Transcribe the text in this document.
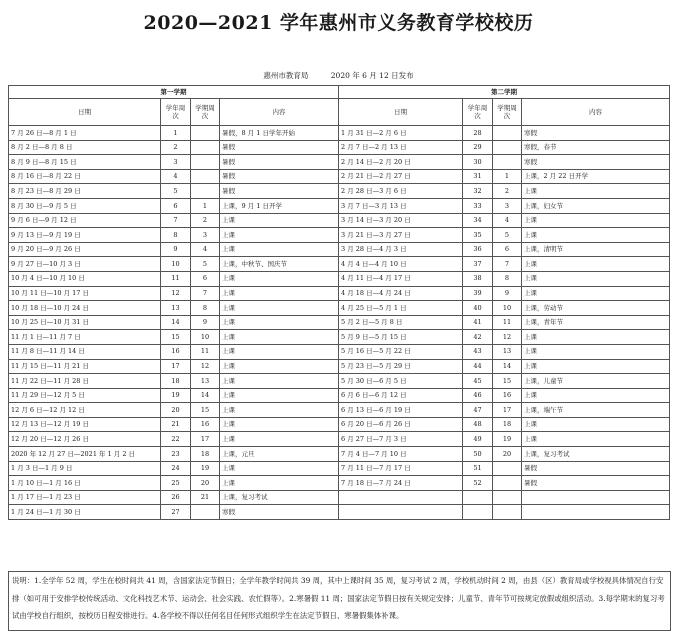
2020—2021 学年惠州市义务教育学校校历
惠州市教育局	2020 年 6 月 12 日发布
第一学期				第二学期			
日期	学年周次	学期周次	内容	日期	学年周次	学期周次	内容
7 月 26 日—8 月 1 日	1		暑假，8 月 1 日学年开始	1 月 31 日—2 月 6 日	28		寒假
8 月 2 日—8 月 8 日	2		暑假	2 月 7 日—2 月 13 日	29		寒假，春节
8 月 9 日—8 月 15 日	3		暑假	2 月 14 日—2 月 20 日	30		寒假
8 月 16 日—8 月 22 日	4		暑假	2 月 21 日—2 月 27 日	31	1	上课，2 月 22 日开学
8 月 23 日—8 月 29 日	5		暑假	2 月 28 日—3 月 6 日	32	2	上课
8 月 30 日—9 月 5 日	6	1	上课，9 月 1 日开学	3 月 7 日—3 月 13 日	33	3	上课，妇女节
9 月 6 日—9 月 12 日	7	2	上课	3 月 14 日—3 月 20 日	34	4	上课
9 月 13 日—9 月 19 日	8	3	上课	3 月 21 日—3 月 27 日	35	5	上课
9 月 20 日—9 月 26 日	9	4	上课	3 月 28 日—4 月 3 日	36	6	上课，清明节
9 月 27 日—10 月 3 日	10	5	上课，中秋节、国庆节	4 月 4 日—4 月 10 日	37	7	上课
10 月 4 日—10 月 10 日	11	6	上课	4 月 11 日—4 月 17 日	38	8	上课
10 月 11 日—10 月 17 日	12	7	上课	4 月 18 日—4 月 24 日	39	9	上课
10 月 18 日—10 月 24 日	13	8	上课	4 月 25 日—5 月 1 日	40	10	上课，劳动节
10 月 25 日—10 月 31 日	14	9	上课	5 月 2 日—5 月 8 日	41	11	上课，青年节
11 月 1 日—11 月 7 日	15	10	上课	5 月 9 日—5 月 15 日	42	12	上课
11 月 8 日—11 月 14 日	16	11	上课	5 月 16 日—5 月 22 日	43	13	上课
11 月 15 日—11 月 21 日	17	12	上课	5 月 23 日—5 月 29 日	44	14	上课
11 月 22 日—11 月 28 日	18	13	上课	5 月 30 日—6 月 5 日	45	15	上课，儿童节
11 月 29 日—12 月 5 日	19	14	上课	6 月 6 日—6 月 12 日	46	16	上课
12 月 6 日—12 月 12 日	20	15	上课	6 月 13 日—6 月 19 日	47	17	上课，端午节
12 月 13 日—12 月 19 日	21	16	上课	6 月 20 日—6 月 26 日	48	18	上课
12 月 20 日—12 月 26 日	22	17	上课	6 月 27 日—7 月 3 日	49	19	上课
2020 年 12 月 27 日—2021 年 1 月 2 日	23	18	上课，元旦	7 月 4 日—7 月 10 日	50	20	上课，复习考试
1 月 3 日—1 月 9 日	24	19	上课	7 月 11 日—7 月 17 日	51		暑假
1 月 10 日—1 月 16 日	25	20	上课	7 月 18 日—7 月 24 日	52		暑假
1 月 17 日—1 月 23 日	26	21	上课，复习考试				
1 月 24 日—1 月 30 日	27		寒假				
说明：1.全学年 52 周，学生在校时间共 41 周，含国家法定节假日；全学年教学时间共 39 周，其中上课时间 35 周，复习考试 2 周，学校机动时间 2 周，由县（区）教育局或学校视具体情况自行安排（如可用于安排学校传统活动、文化科技艺术节、运动会、社会实践、农忙假等）。2.寒暑假 11 周；国家法定节假日按有关规定安排；儿童节、青年节可按规定放假或组织活动。3.每学期末的复习考试由学校自行组织，按校历日程安排进行。4.各学校不得以任何名目任何形式组织学生在法定节假日、寒暑假集体补课。
